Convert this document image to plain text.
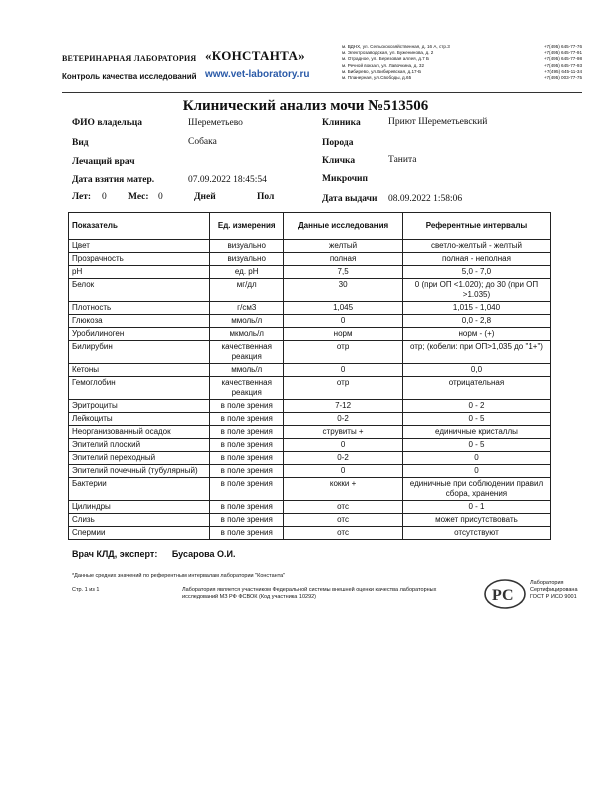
ВЕТЕРИНАРНАЯ ЛАБОРАТОРИЯ «КОНСТАНТА»
Контроль качества исследований www.vet-laboratory.ru
м. ВДНХ, ул. Сельскохозяйственная, д. 16 А, стр.3	+7(495) 645-77-76
м. Электрозаводская, ул. Буженинова, д. 2	+7(495) 645-77-91
м. Отрадное, ул. Березовая аллея, д.7 Б	+7(495) 645-77-98
м. Речной вокзал, ул. Лавочкина, д. 32	+7(495) 645-77-93
м. Бибирево, ул.Бибиревская, д.17-Б	+7(495) 645-11-34
м. Планерная, ул.Свободы, д.65	+7(495) 003-77-75
Клинический анализ мочи №513506
ФИО владельца	Шереметьево	Клиника	Приют Шереметьевский
Вид	Собака	Порода
Лечащий врач	Кличка	Танита
Дата взятия матер.	07.09.2022 18:45:54	Микрочип
Лет: 0 Мес: 0	Дней	Пол	Дата выдачи 08.09.2022 1:58:06
Показатель	Ед. измерения	Данные исследования	Референтные интервалы
Цвет	визуально	желтый	светло-желтый - желтый
Прозрачность	визуально	полная	полная - неполная
pH	ед. pH	7,5	5,0 - 7,0
Белок	мг/дл	30	0 (при ОП <1.020); до 30 (при ОП >1.035)
Плотность	г/см3	1,045	1,015 - 1,040
Глюкоза	ммоль/л	0	0,0 - 2,8
Уробилиноген	мкмоль/л	норм	норм - (+)
Билирубин	качественная реакция	отр	отр; (кобели: при ОП>1,035 до "1+")
Кетоны	ммоль/л	0	0,0
Гемоглобин	качественная реакция	отр	отрицательная
Эритроциты	в поле зрения	7-12	0 - 2
Лейкоциты	в поле зрения	0-2	0 - 5
Неорганизованный осадок	в поле зрения	струвиты +	единичные кристаллы
Эпителий плоский	в поле зрения	0	0 - 5
Эпителий переходный	в поле зрения	0-2	0
Эпителий почечный (тубулярный)	в поле зрения	0	0
Бактерии	в поле зрения	кокки +	единичные при соблюдении правил сбора, хранения
Цилиндры	в поле зрения	отс	0 - 1
Слизь	в поле зрения	отс	может присутствовать
Спермии	в поле зрения	отс	отсутствуют
Врач КЛД, эксперт: Бусарова О.И.
*Данные средних значений по референтным интервалам лаборатории "Константа"
Стр. 1 из 1	Лаборатория является участником Федеральной системы внешней оценки качества лабораторных исследований МЗ РФ ФСВОК (Код участника 10292)	Р С
Лаборатория
Сертифицирована
ГОСТ Р ИСО 9001
